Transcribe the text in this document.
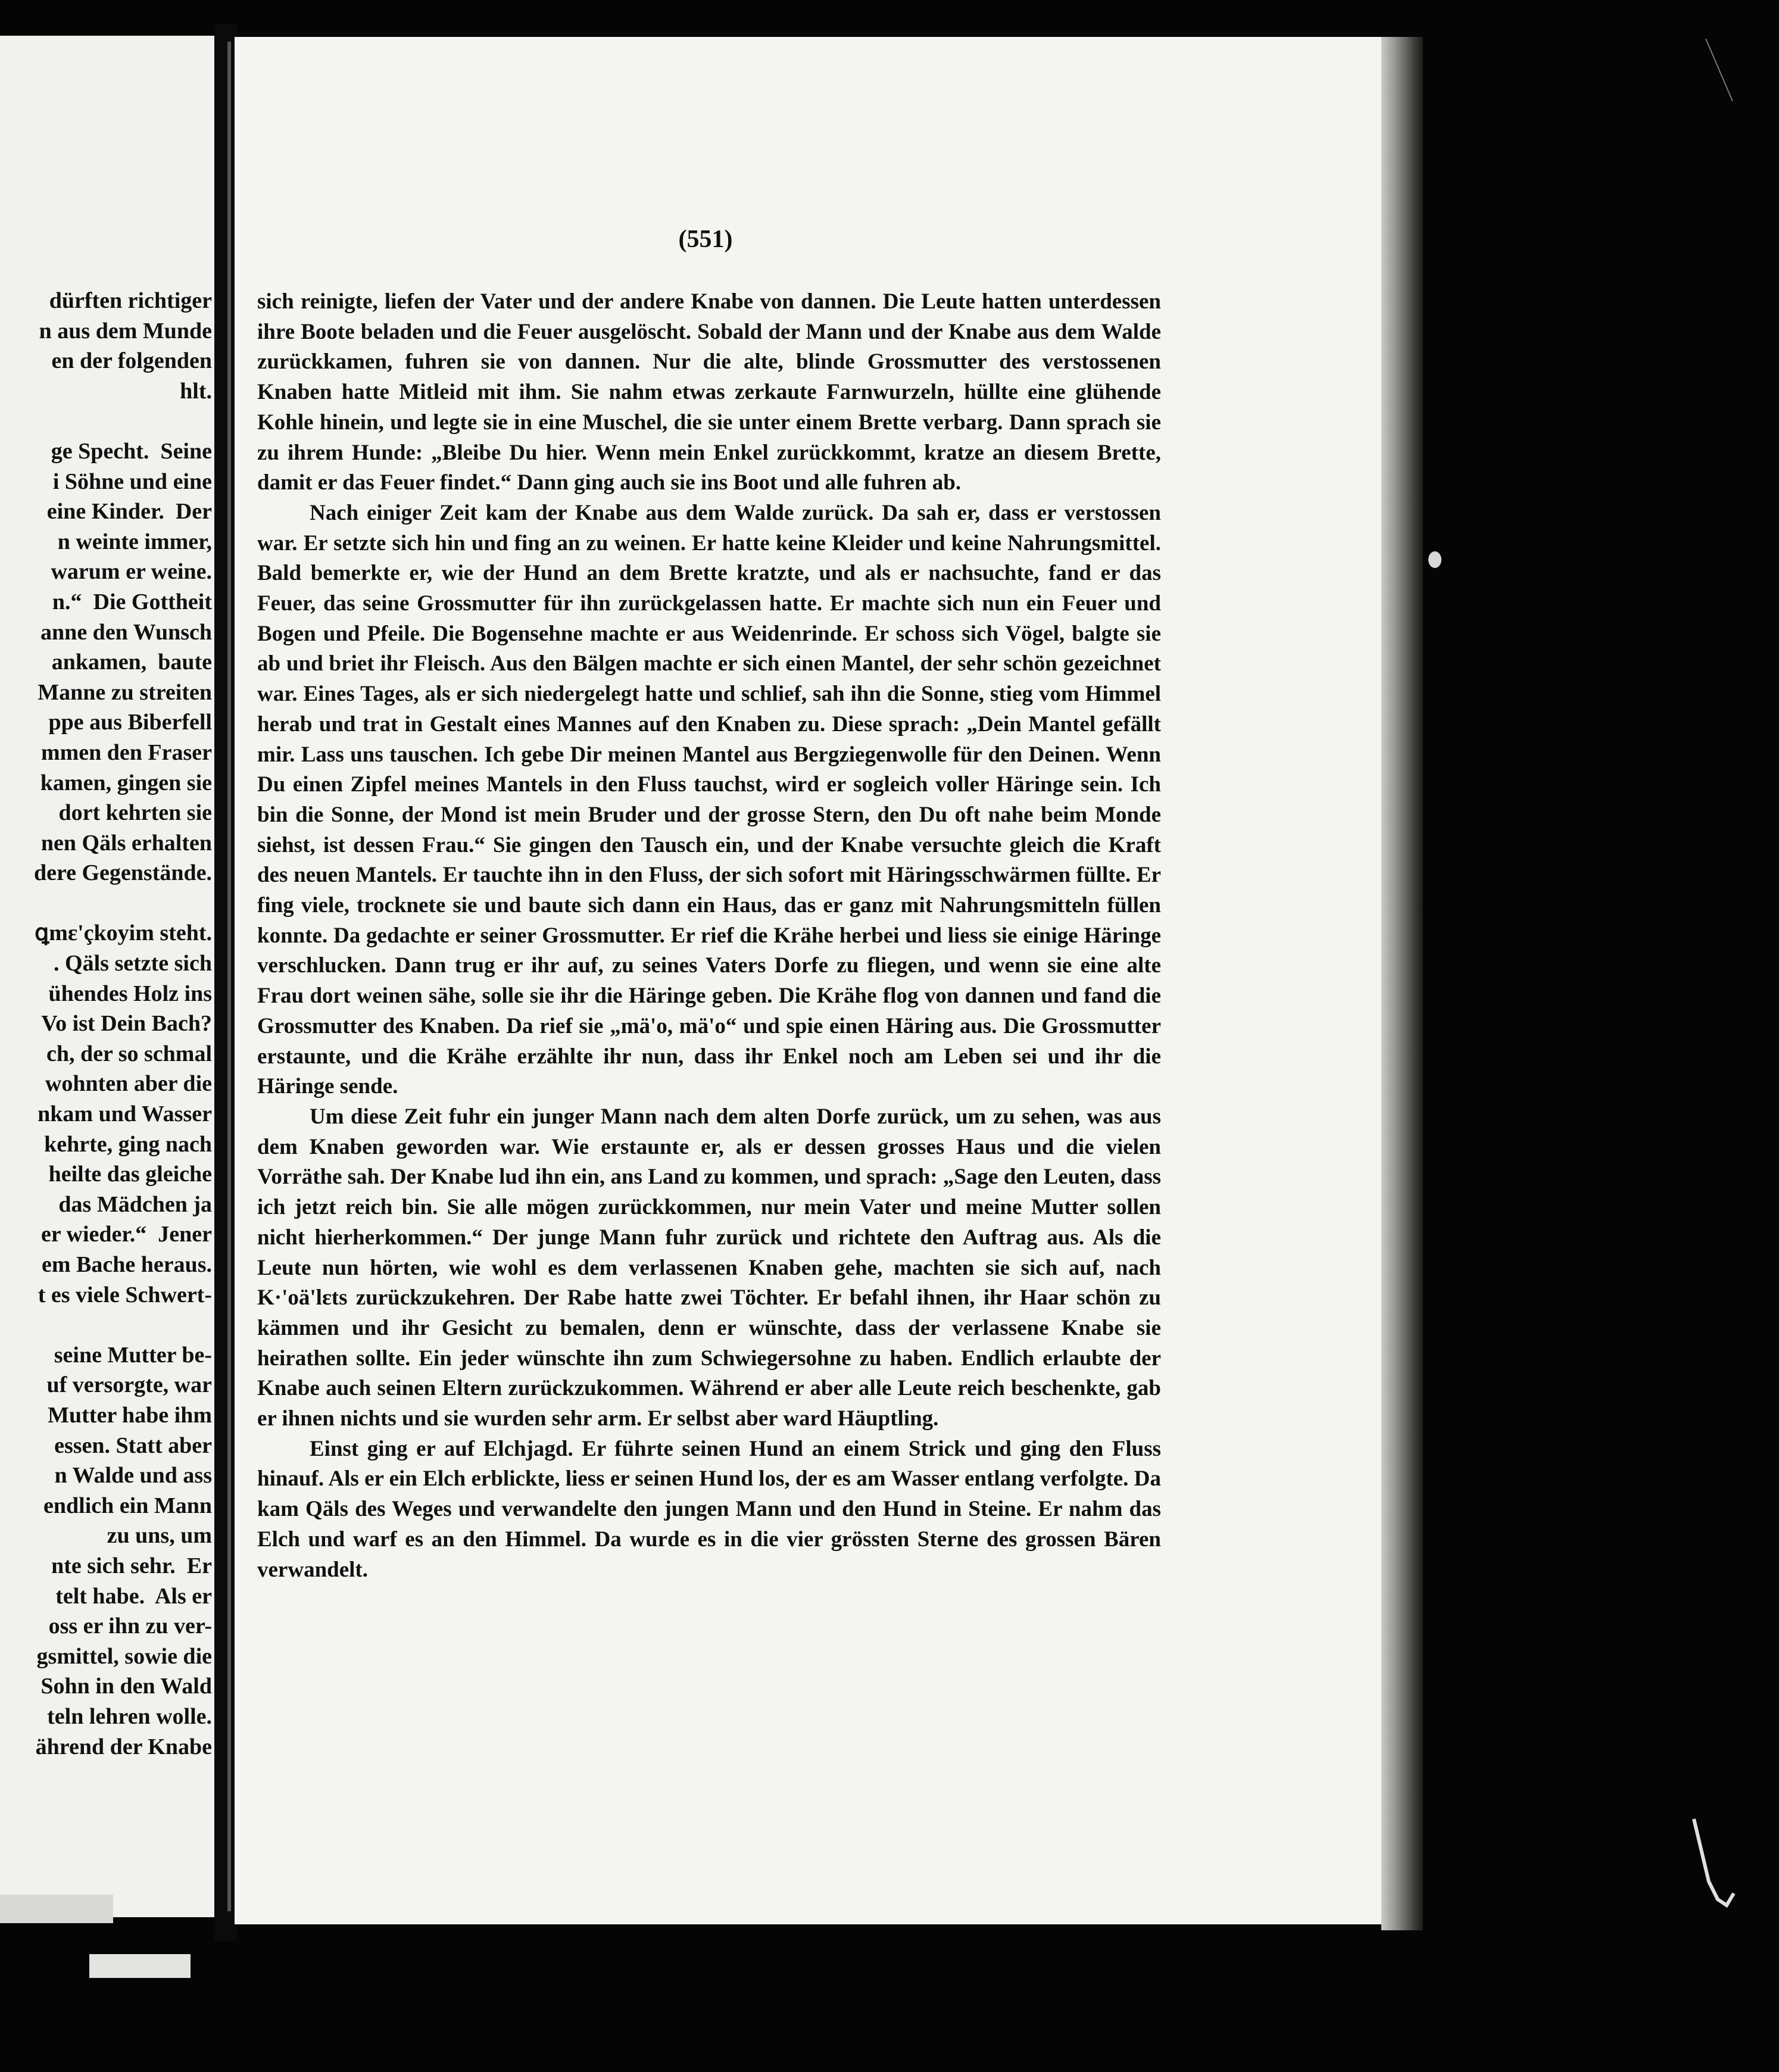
dürften richtiger
n aus dem Munde
en der folgenden
hlt.

ge Specht.  Seine
i Söhne und eine
eine Kinder.  Der
n weinte immer,
warum er weine.
n.“  Die Gottheit
anne den Wunsch
ankamen,  baute
Manne zu streiten
ppe aus Biberfell
mmen den Fraser
kamen, gingen sie
dort kehrten sie
nen Qäls erhalten
dere Gegenstände.

ꝗmɛ'çkoyim steht.
. Qäls setzte sich
ühendes Holz ins
Vo ist Dein Bach?
ch, der so schmal
wohnten aber die
nkam und Wasser
kehrte, ging nach
heilte das gleiche
das Mädchen ja
er wieder.“  Jener
em Bache heraus.
t es viele Schwert-

seine Mutter be-
uf versorgte, war
Mutter habe ihm
essen. Statt aber
n Walde und ass
endlich ein Mann
zu uns, um
nte sich sehr.  Er
telt habe.  Als er
oss er ihn zu ver-
gsmittel, sowie die
Sohn in den Wald
teln lehren wolle.
ährend der Knabe
(551)

sich reinigte, liefen der Vater und der andere Knabe von dannen. Die Leute hatten unterdessen ihre Boote beladen und die Feuer ausgelöscht. Sobald der Mann und der Knabe aus dem Walde zurückkamen, fuhren sie von dannen. Nur die alte, blinde Grossmutter des verstossenen Knaben hatte Mitleid mit ihm. Sie nahm etwas zerkaute Farnwurzeln, hüllte eine glühende Kohle hinein, und legte sie in eine Muschel, die sie unter einem Brette verbarg. Dann sprach sie zu ihrem Hunde: „Bleibe Du hier. Wenn mein Enkel zurückkommt, kratze an diesem Brette, damit er das Feuer findet.“ Dann ging auch sie ins Boot und alle fuhren ab.

Nach einiger Zeit kam der Knabe aus dem Walde zurück. Da sah er, dass er verstossen war. Er setzte sich hin und fing an zu weinen. Er hatte keine Kleider und keine Nahrungsmittel. Bald bemerkte er, wie der Hund an dem Brette kratzte, und als er nachsuchte, fand er das Feuer, das seine Grossmutter für ihn zurückgelassen hatte. Er machte sich nun ein Feuer und Bogen und Pfeile. Die Bogensehne machte er aus Weidenrinde. Er schoss sich Vögel, balgte sie ab und briet ihr Fleisch. Aus den Bälgen machte er sich einen Mantel, der sehr schön gezeichnet war. Eines Tages, als er sich niedergelegt hatte und schlief, sah ihn die Sonne, stieg vom Himmel herab und trat in Gestalt eines Mannes auf den Knaben zu. Diese sprach: „Dein Mantel gefällt mir. Lass uns tauschen. Ich gebe Dir meinen Mantel aus Bergziegenwolle für den Deinen. Wenn Du einen Zipfel meines Mantels in den Fluss tauchst, wird er sogleich voller Häringe sein. Ich bin die Sonne, der Mond ist mein Bruder und der grosse Stern, den Du oft nahe beim Monde siehst, ist dessen Frau.“ Sie gingen den Tausch ein, und der Knabe versuchte gleich die Kraft des neuen Mantels. Er tauchte ihn in den Fluss, der sich sofort mit Häringsschwärmen füllte. Er fing viele, trocknete sie und baute sich dann ein Haus, das er ganz mit Nahrungsmitteln füllen konnte. Da gedachte er seiner Grossmutter. Er rief die Krähe herbei und liess sie einige Häringe verschlucken. Dann trug er ihr auf, zu seines Vaters Dorfe zu fliegen, und wenn sie eine alte Frau dort weinen sähe, solle sie ihr die Häringe geben. Die Krähe flog von dannen und fand die Grossmutter des Knaben. Da rief sie „mä'o, mä'o“ und spie einen Häring aus. Die Grossmutter erstaunte, und die Krähe erzählte ihr nun, dass ihr Enkel noch am Leben sei und ihr die Häringe sende.

Um diese Zeit fuhr ein junger Mann nach dem alten Dorfe zurück, um zu sehen, was aus dem Knaben geworden war. Wie erstaunte er, als er dessen grosses Haus und die vielen Vorräthe sah. Der Knabe lud ihn ein, ans Land zu kommen, und sprach: „Sage den Leuten, dass ich jetzt reich bin. Sie alle mögen zurückkommen, nur mein Vater und meine Mutter sollen nicht hierherkommen.“ Der junge Mann fuhr zurück und richtete den Auftrag aus. Als die Leute nun hörten, wie wohl es dem verlassenen Knaben gehe, machten sie sich auf, nach K·'oä'lɛts zurückzukehren. Der Rabe hatte zwei Töchter. Er befahl ihnen, ihr Haar schön zu kämmen und ihr Gesicht zu bemalen, denn er wünschte, dass der verlassene Knabe sie heirathen sollte. Ein jeder wünschte ihn zum Schwiegersohne zu haben. Endlich erlaubte der Knabe auch seinen Eltern zurückzukommen. Während er aber alle Leute reich beschenkte, gab er ihnen nichts und sie wurden sehr arm. Er selbst aber ward Häuptling.

Einst ging er auf Elchjagd. Er führte seinen Hund an einem Strick und ging den Fluss hinauf. Als er ein Elch erblickte, liess er seinen Hund los, der es am Wasser entlang verfolgte. Da kam Qäls des Weges und verwandelte den jungen Mann und den Hund in Steine. Er nahm das Elch und warf es an den Himmel. Da wurde es in die vier grössten Sterne des grossen Bären verwandelt.
